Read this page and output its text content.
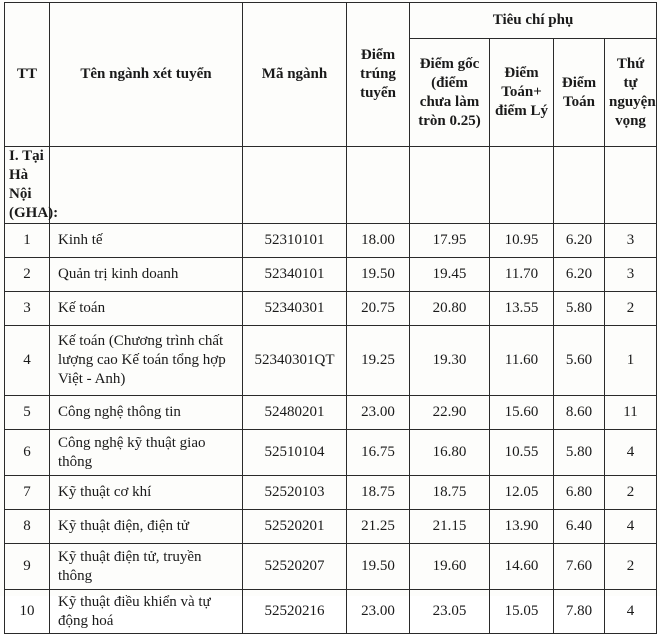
TT	Tên ngành xét tuyển	Mã ngành	Điểm trúng tuyển	Tiêu chí phụ			
				Điểm gốc (điểm chưa làm tròn 0.25)	Điểm Toán+ điểm Lý	Điểm Toán	Thứ tự nguyện vọng
I. Tại Hà Nội (GHA):							
1	Kinh tế	52310101	18.00	17.95	10.95	6.20	3
2	Quản trị kinh doanh	52340101	19.50	19.45	11.70	6.20	3
3	Kế toán	52340301	20.75	20.80	13.55	5.80	2
4	Kế toán (Chương trình chất lượng cao Kế toán tổng hợp Việt - Anh)	52340301QT	19.25	19.30	11.60	5.60	1
5	Công nghệ thông tin	52480201	23.00	22.90	15.60	8.60	11
6	Công nghệ kỹ thuật giao thông	52510104	16.75	16.80	10.55	5.80	4
7	Kỹ thuật cơ khí	52520103	18.75	18.75	12.05	6.80	2
8	Kỹ thuật điện, điện tử	52520201	21.25	21.15	13.90	6.40	4
9	Kỹ thuật điện tử, truyền thông	52520207	19.50	19.60	14.60	7.60	2
10	Kỹ thuật điều khiển và tự động hoá	52520216	23.00	23.05	15.05	7.80	4
